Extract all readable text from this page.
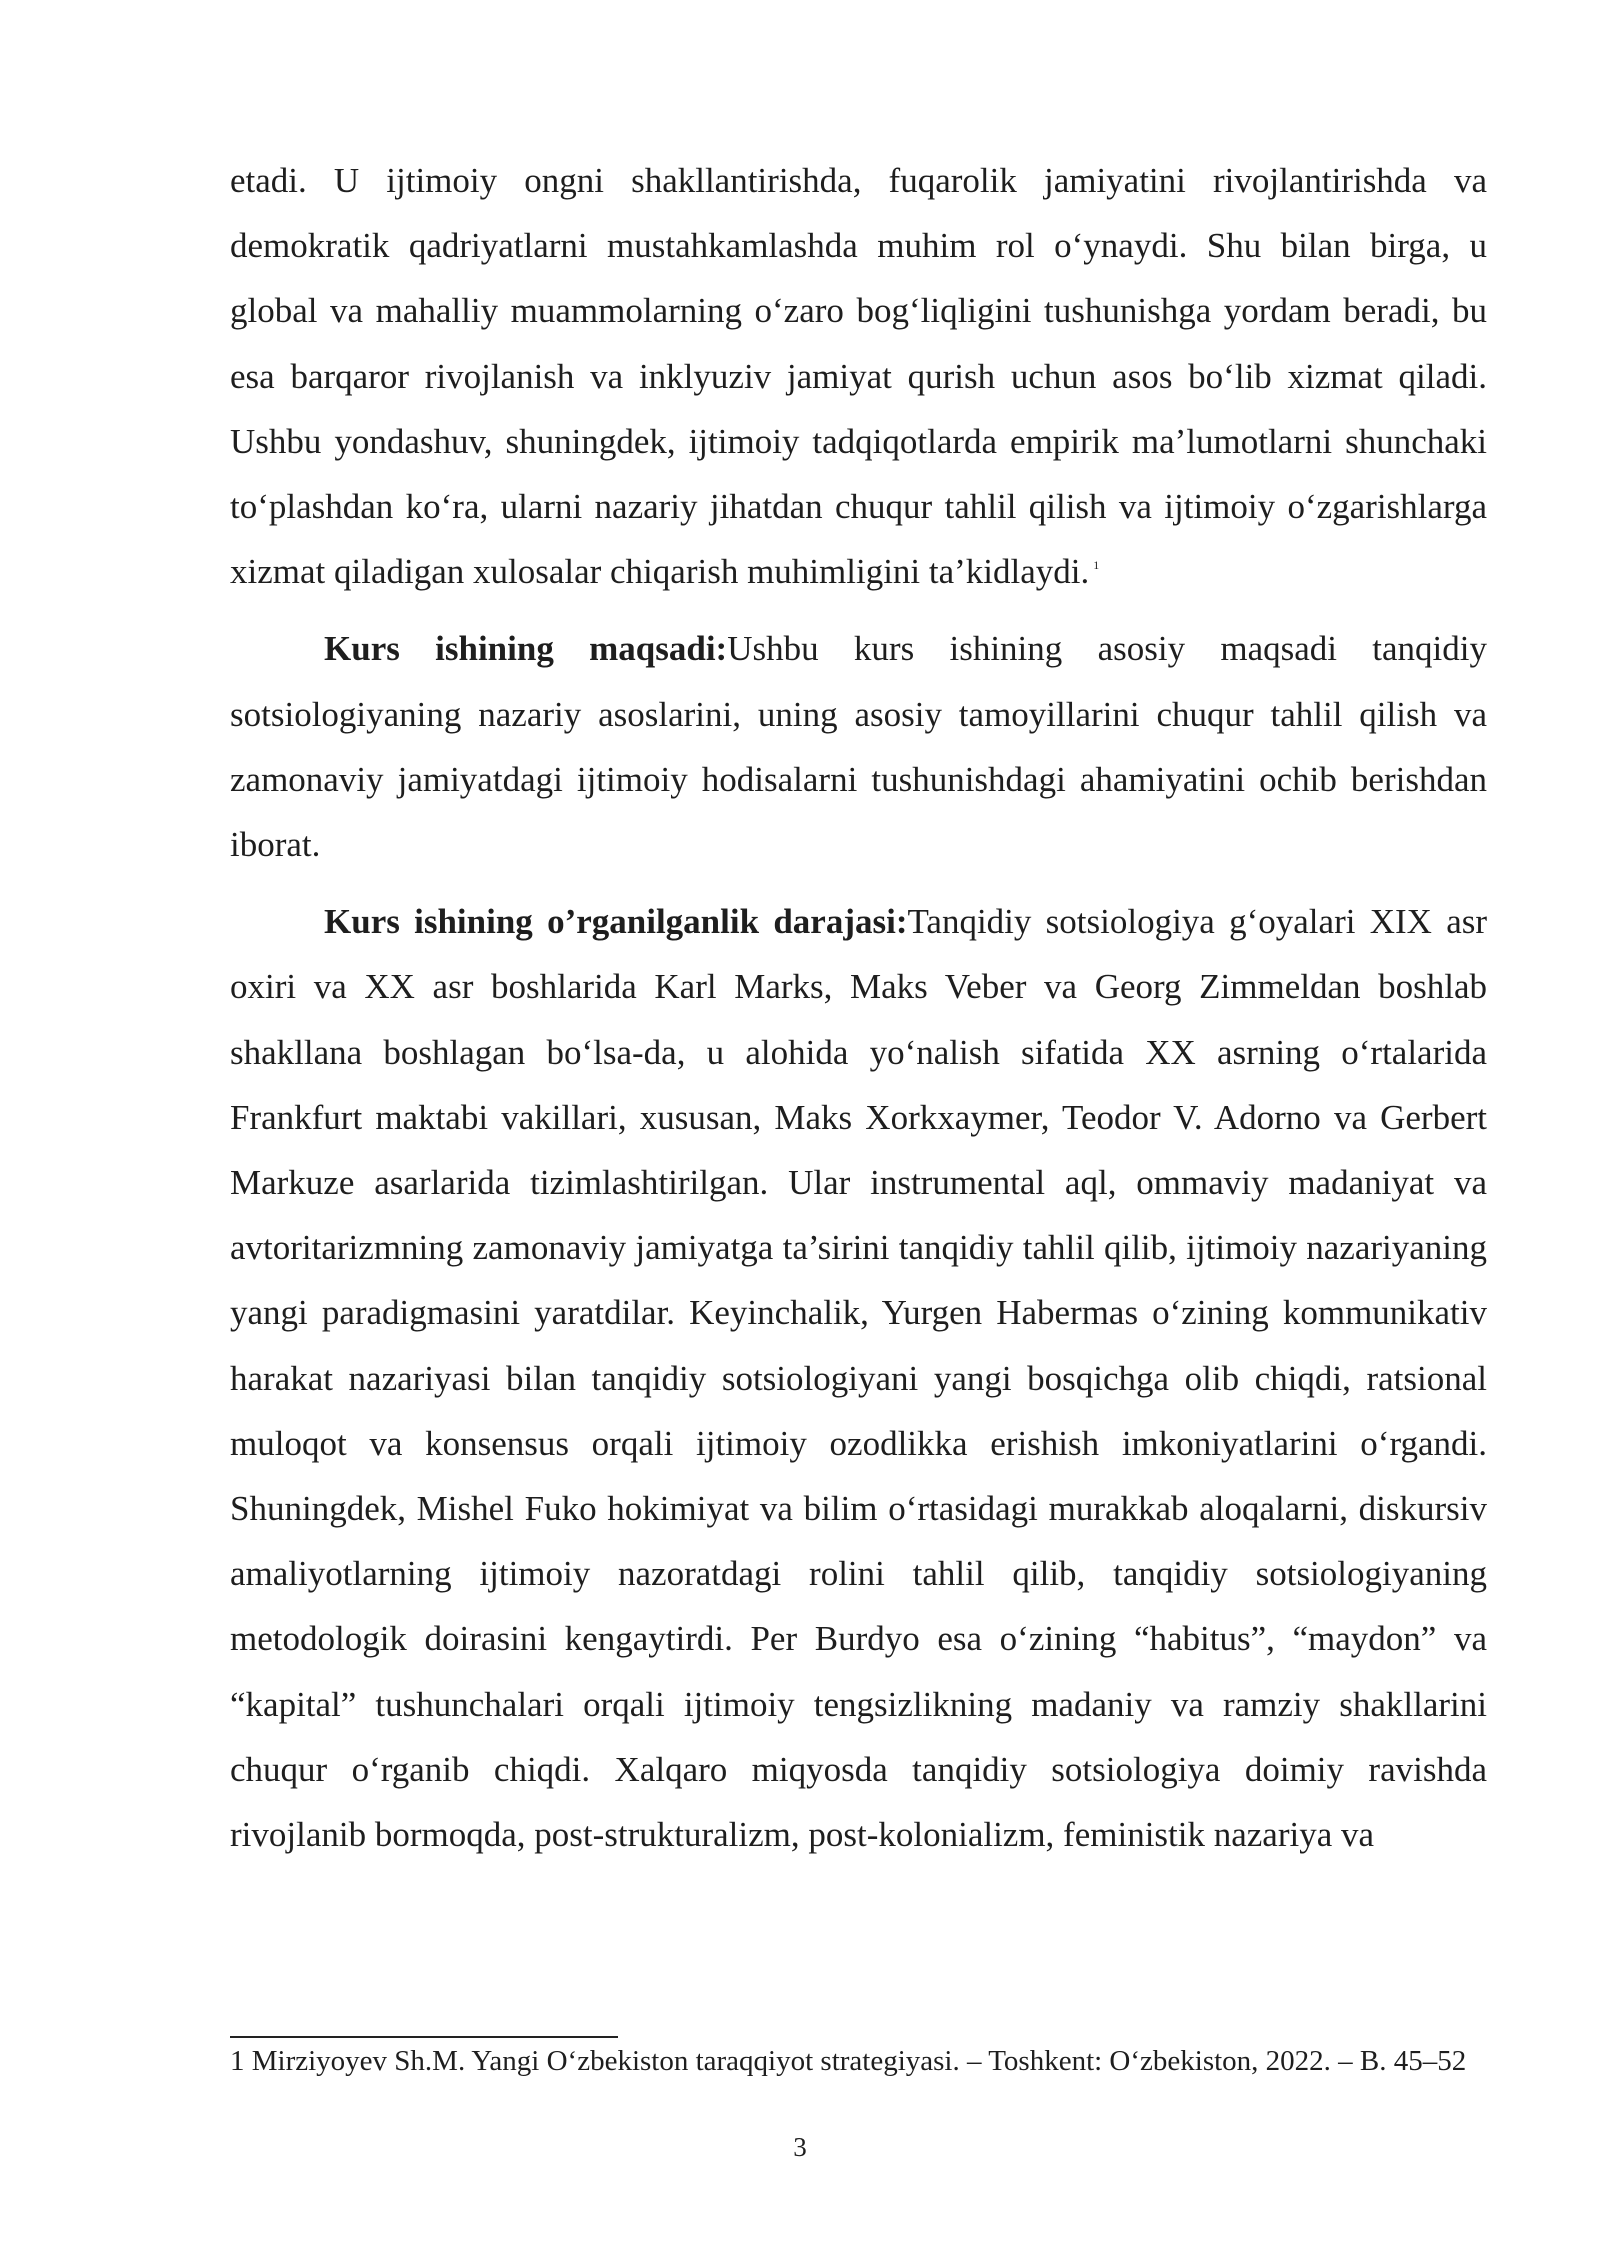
etadi. U ijtimoiy ongni shakllantirishda, fuqarolik jamiyatini rivojlantirishda va demokratik qadriyatlarni mustahkamlashda muhim rol o‘ynaydi. Shu bilan birga, u global va mahalliy muammolarning o‘zaro bog‘liqligini tushunishga yordam beradi, bu esa barqaror rivojlanish va inklyuziv jamiyat qurish uchun asos bo‘lib xizmat qiladi. Ushbu yondashuv, shuningdek, ijtimoiy tadqiqotlarda empirik ma’lumotlarni shunchaki to‘plashdan ko‘ra, ularni nazariy jihatdan chuqur tahlil qilish va ijtimoiy o‘zgarishlarga xizmat qiladigan xulosalar chiqarish muhimligini ta’kidlaydi. $^1$

Kurs ishining maqsadi:Ushbu kurs ishining asosiy maqsadi tanqidiy sotsiologiyaning nazariy asoslarini, uning asosiy tamoyillarini chuqur tahlil qilish va zamonaviy jamiyatdagi ijtimoiy hodisalarni tushunishdagi ahamiyatini ochib berishdan iborat.

Kurs ishining o’rganilganlik darajasi:Tanqidiy sotsiologiya g‘oyalari XIX asr oxiri va XX asr boshlarida Karl Marks, Maks Veber va Georg Zimmeldan boshlab shakllana boshlagan bo‘lsa-da, u alohida yo‘nalish sifatida XX asrning o‘rtalarida Frankfurt maktabi vakillari, xususan, Maks Xorkxaymer, Teodor V. Adorno va Gerbert Markuze asarlarida tizimlashtirilgan. Ular instrumental aql, ommaviy madaniyat va avtoritarizmning zamonaviy jamiyatga ta’sirini tanqidiy tahlil qilib, ijtimoiy nazariyaning yangi paradigmasini yaratdilar. Keyinchalik, Yurgen Habermas o‘zining kommunikativ harakat nazariyasi bilan tanqidiy sotsiologiyani yangi bosqichga olib chiqdi, ratsional muloqot va konsensus orqali ijtimoiy ozodlikka erishish imkoniyatlarini o‘rgandi. Shuningdek, Mishel Fuko hokimiyat va bilim o‘rtasidagi murakkab aloqalarni, diskursiv amaliyotlarning ijtimoiy nazoratdagi rolini tahlil qilib, tanqidiy sotsiologiyaning metodologik doirasini kengaytirdi. Per Burdyo esa o‘zining “habitus”, “maydon” va “kapital” tushunchalari orqali ijtimoiy tengsizlikning madaniy va ramziy shakllarini chuqur o‘rganib chiqdi. Xalqaro miqyosda tanqidiy sotsiologiya doimiy ravishda rivojlanib bormoqda, post-strukturalizm, post-kolonializm, feministik nazariya va

1 Mirziyoyev Sh.M. Yangi O‘zbekiston taraqqiyot strategiyasi. – Toshkent: O‘zbekiston, 2022. – B. 45–52
3
